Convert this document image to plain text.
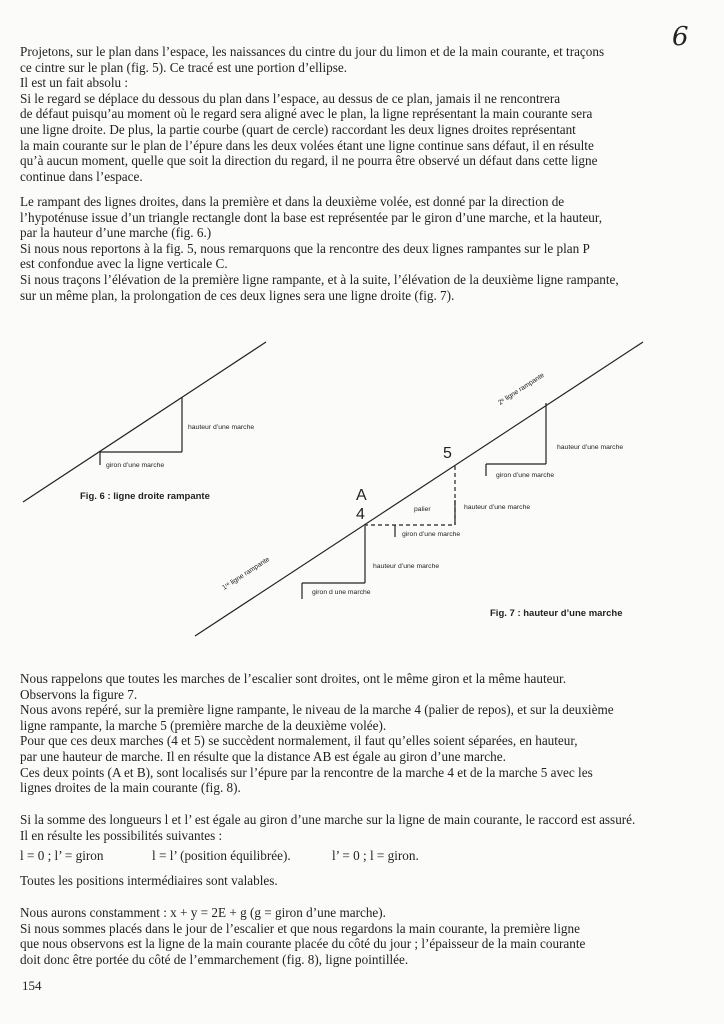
6
Projetons, sur le plan dans l’espace, les naissances du cintre du jour du limon et de la main courante, et traçons
ce cintre sur le plan (fig. 5). Ce tracé est une portion d’ellipse.
Il est un fait absolu :
Si le regard se déplace du dessous du plan dans l’espace, au dessus de ce plan, jamais il ne rencontrera
de défaut puisqu’au moment où le regard sera aligné avec le plan, la ligne représentant la main courante sera
une ligne droite. De plus, la partie courbe (quart de cercle) raccordant les deux lignes droites représentant
la main courante sur le plan de l’épure dans les deux volées étant une ligne continue sans défaut, il en résulte
qu’à aucun moment, quelle que soit la direction du regard, il ne pourra être observé un défaut dans cette ligne
continue dans l’espace.
Le rampant des lignes droites, dans la première et dans la deuxième volée, est donné par la direction de
l’hypoténuse issue d’un triangle rectangle dont la base est représentée par le giron d’une marche, et la hauteur,
par la hauteur d’une marche (fig. 6.)
Si nous nous reportons à la fig. 5, nous remarquons que la rencontre des deux lignes rampantes sur le plan P
est confondue avec la ligne verticale C.
Si nous traçons l’élévation de la première ligne rampante, et à la suite, l’élévation de la deuxième ligne rampante,
sur un même plan, la prolongation de ces deux lignes sera une ligne droite (fig. 7).
hauteur d’une marche
giron d’une marche
Fig. 6 : ligne droite rampante
2ᵉ ligne rampante
1ʳᵉ ligne rampante
5
A
4
hauteur d’une marche
giron d’une marche
palier	hauteur d’une marche
giron d’une marche
hauteur d’une marche
giron d une marche
Fig. 7 : hauteur d’une marche
Nous rappelons que toutes les marches de l’escalier sont droites, ont le même giron et la même hauteur.
Observons la figure 7.
Nous avons repéré, sur la première ligne rampante, le niveau de la marche 4 (palier de repos), et sur la deuxième
ligne rampante, la marche 5 (première marche de la deuxième volée).
Pour que ces deux marches (4 et 5) se succèdent normalement, il faut qu’elles soient séparées, en hauteur,
par une hauteur de marche. Il en résulte que la distance AB est égale au giron d’une marche.
Ces deux points (A et B), sont localisés sur l’épure par la rencontre de la marche 4 et de la marche 5 avec les
lignes droites de la main courante (fig. 8).
Si la somme des longueurs l et l’ est égale au giron d’une marche sur la ligne de main courante, le raccord est assuré.
Il en résulte les possibilités suivantes :
l = 0 ; l’ = giron	l = l’ (position équilibrée).	l’ = 0 ; l = giron.
Toutes les positions intermédiaires sont valables.
Nous aurons constamment : x + y = 2E + g (g = giron d’une marche).
Si nous sommes placés dans le jour de l’escalier et que nous regardons la main courante, la première ligne
que nous observons est la ligne de la main courante placée du côté du jour ; l’épaisseur de la main courante
doit donc être portée du côté de l’emmarchement (fig. 8), ligne pointillée.
154
